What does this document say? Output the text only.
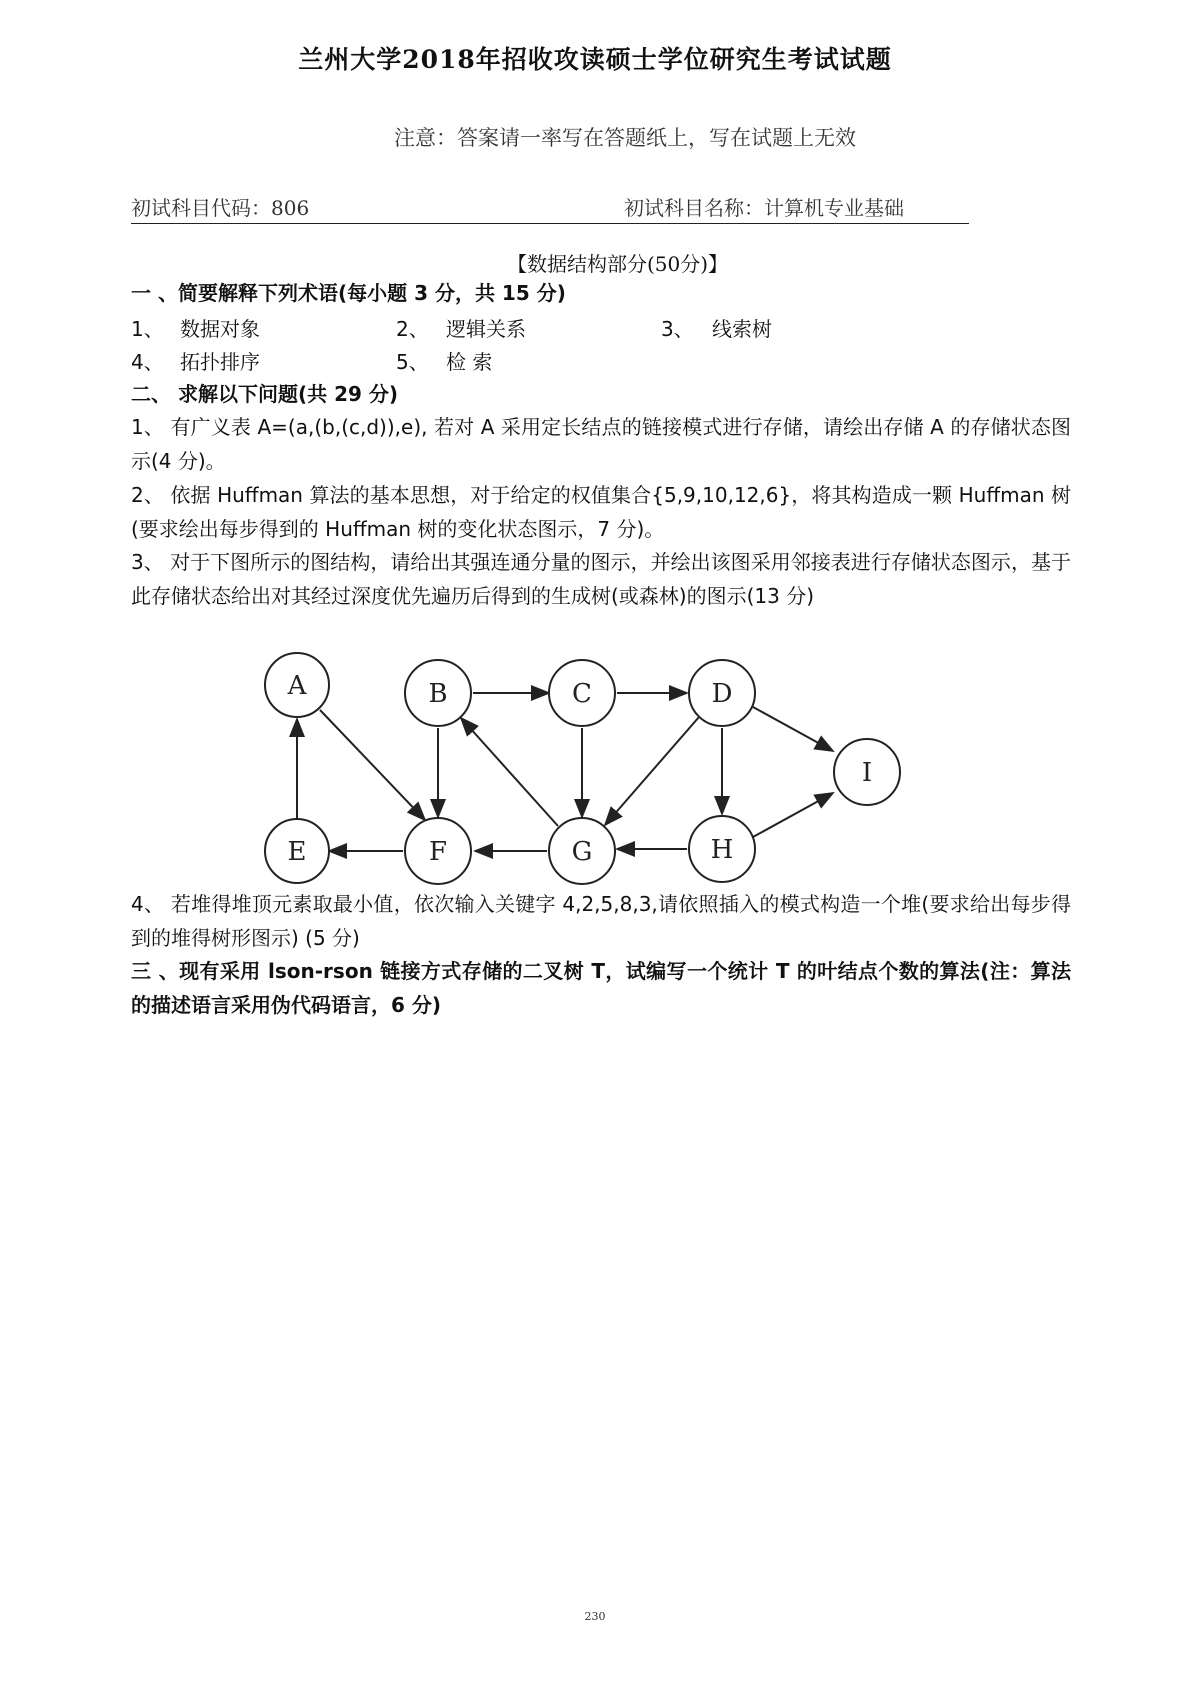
兰州大学2018年招收攻读硕士学位研究生考试试题
注意：答案请一率写在答题纸上，写在试题上无效
初试科目代码：806	初试科目名称：计算机专业基础
【数据结构部分(50分)】
一 、简要解释下列术语(每小题 3 分，共 15 分)
1、 数据对象	2、 逻辑关系	3、 线索树
4、 拓扑排序	5、 检 索
二、 求解以下问题(共 29 分)
1、 有广义表 A=(a,(b,(c,d)),e), 若对 A 采用定长结点的链接模式进行存储，请绘出存储 A 的存储状态图示(4 分)。
2、 依据 Huffman 算法的基本思想，对于给定的权值集合{5,9,10,12,6}，将其构造成一颗 Huffman 树(要求绘出每步得到的 Huffman 树的变化状态图示，7 分)。
3、 对于下图所示的图结构，请给出其强连通分量的图示，并绘出该图采用邻接表进行存储状态图示，基于此存储状态给出对其经过深度优先遍历后得到的生成树(或森林)的图示(13 分)
A	B	C	D
E	F	G	H
I
4、 若堆得堆顶元素取最小值，依次输入关键字 4,2,5,8,3,请依照插入的模式构造一个堆(要求给出每步得到的堆得树形图示) (5 分)
三 、现有采用 lson-rson 链接方式存储的二叉树 T，试编写一个统计 T 的叶结点个数的算法(注：算法的描述语言采用伪代码语言，6 分)
230
